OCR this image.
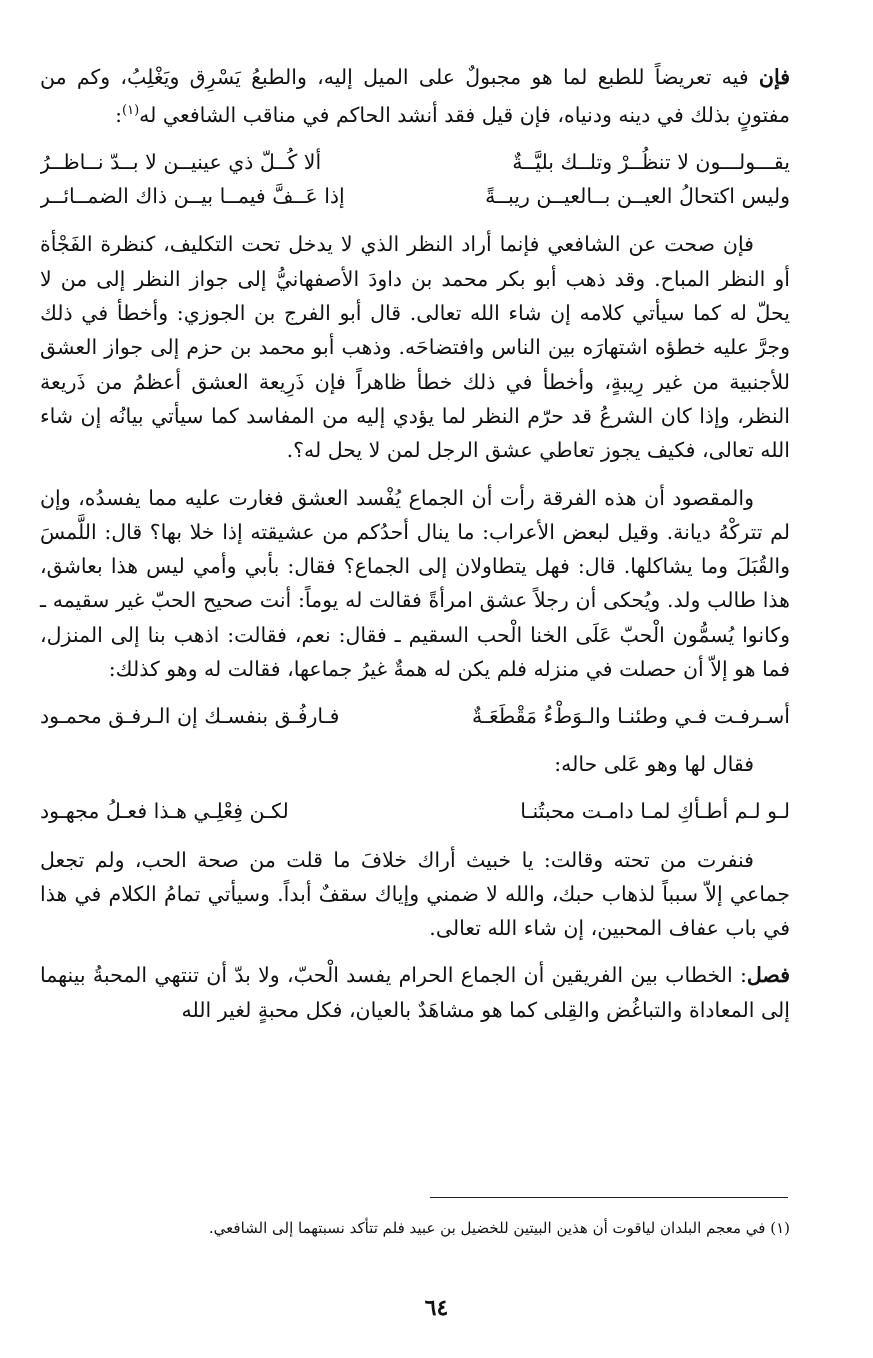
فإن فيه تعريضاً للطبع لما هو مجبولٌ على الميل إليه، والطبعُ يَسْرِق ويَغْلِبُ، وكم من مفتونٍ بذلك في دينه ودنياه، فإن قيل فقد أنشد الحاكم في مناقب الشافعي له$^{(١)}$:

يقـــولـــون لا تنظُــرْ وتلــك بليَّــةٌ
ألا كُــلّ ذي عينيــن لا بــدّ نــاظــرُ
وليس اكتحالُ العيــن بــالعيــن ريبــةً
إذا عَــفَّ فيمــا بيــن ذاك الضمــائــر

فإن صحت عن الشافعي فإنما أراد النظر الذي لا يدخل تحت التكليف، كنظرة الفَجْأة أو النظر المباح. وقد ذهب أبو بكر محمد بن داودَ الأصفهانيُّ إلى جواز النظر إلى من لا يحلّ له كما سيأتي كلامه إن شاء الله تعالى. قال أبو الفرج بن الجوزي: وأخطأ في ذلك وجرَّ عليه خطؤه اشتهارَه بين الناس وافتضاحَه. وذهب أبو محمد بن حزم إلى جواز العشق للأجنبية من غير رِيبةٍ، وأخطأ في ذلك خطأ ظاهراً فإن ذَرِيعة العشق أعظمُ من ذَريعة النظر، وإذا كان الشرعُ قد حرّم النظر لما يؤدي إليه من المفاسد كما سيأتي بيانُه إن شاء الله تعالى، فكيف يجوز تعاطي عشق الرجل لمن لا يحل له؟.

والمقصود أن هذه الفرقة رأت أن الجماع يُفْسد العشق فغارت عليه مما يفسدُه، وإن لم تتركْهُ ديانة. وقيل لبعض الأعراب: ما ينال أحدُكم من عشيقته إذا خلا بها؟ قال: اللَّمسَ والقُبَلَ وما يشاكلها. قال: فهل يتطاولان إلى الجماع؟ فقال: بأبي وأمي ليس هذا بعاشق، هذا طالب ولد. ويُحكى أن رجلاً عشق امرأةً فقالت له يوماً: أنت صحيح الحبّ غير سقيمه ـ وكانوا يُسمُّون الْحبّ عَلَى الخنا الْحب السقيم ـ فقال: نعم، فقالت: اذهب بنا إلى المنزل، فما هو إلاّ أن حصلت في منزله فلم يكن له همةٌ غيرُ جماعها، فقالت له وهو كذلك:

أسـرفـت فـي وطئنـا والـوَطْءُ مَقْطَعَـةٌ
فـارفُـق بنفسـك إن الـرفـق محمـود

فقال لها وهو عَلى حاله:

لـو لـم أطـأكِ لمـا دامـت محبتُنـا
لكـن فِعْلِـي هـذا فعـلُ مجهـود

فنفرت من تحته وقالت: يا خبيث أراك خلافَ ما قلت من صحة الحب، ولم تجعل جماعي إلاّ سبباً لذهاب حبك، والله لا ضمني وإياك سقفٌ أبداً. وسيأتي تمامُ الكلام في هذا في باب عفاف المحبين، إن شاء الله تعالى.

فصل: الخطاب بين الفريقين أن الجماع الحرام يفسد الْحبّ، ولا بدّ أن تنتهي المحبةُ بينهما إلى المعاداة والتباغُض والقِلى كما هو مشاهَدٌ بالعيان، فكل محبةٍ لغير الله

(١) في معجم البلدان لياقوت أن هذين البيتين للخضيل بن عبيد فلم تتأكد نسبتهما إلى الشافعي.
٦٤
